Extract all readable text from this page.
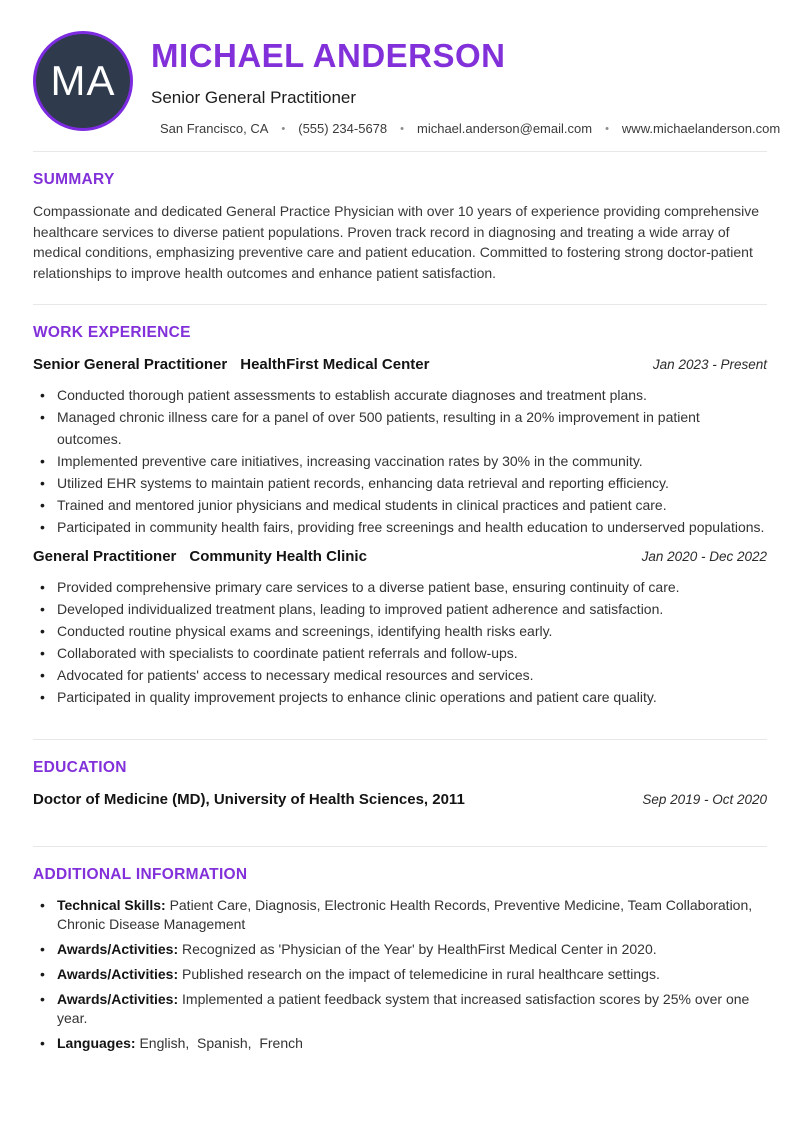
MA
MICHAEL ANDERSON
Senior General Practitioner
San Francisco, CA • (555) 234-5678 • michael.anderson@email.com • www.michaelanderson.com
SUMMARY

Compassionate and dedicated General Practice Physician with over 10 years of experience providing comprehensive healthcare services to diverse patient populations. Proven track record in diagnosing and treating a wide array of medical conditions, emphasizing preventive care and patient education. Committed to fostering strong doctor-patient relationships to improve health outcomes and enhance patient satisfaction.

WORK EXPERIENCE
Senior General Practitioner HealthFirst Medical Center	Jan 2023 - Present
• Conducted thorough patient assessments to establish accurate diagnoses and treatment plans.
• Managed chronic illness care for a panel of over 500 patients, resulting in a 20% improvement in patient outcomes.
• Implemented preventive care initiatives, increasing vaccination rates by 30% in the community.
• Utilized EHR systems to maintain patient records, enhancing data retrieval and reporting efficiency.
• Trained and mentored junior physicians and medical students in clinical practices and patient care.
• Participated in community health fairs, providing free screenings and health education to underserved populations.
General Practitioner Community Health Clinic	Jan 2020 - Dec 2022
• Provided comprehensive primary care services to a diverse patient base, ensuring continuity of care.
• Developed individualized treatment plans, leading to improved patient adherence and satisfaction.
• Conducted routine physical exams and screenings, identifying health risks early.
• Collaborated with specialists to coordinate patient referrals and follow-ups.
• Advocated for patients' access to necessary medical resources and services.
• Participated in quality improvement projects to enhance clinic operations and patient care quality.
EDUCATION
Doctor of Medicine (MD), University of Health Sciences, 2011	Sep 2019 - Oct 2020
ADDITIONAL INFORMATION
• Technical Skills: Patient Care, Diagnosis, Electronic Health Records, Preventive Medicine, Team Collaboration, Chronic Disease Management
• Awards/Activities: Recognized as 'Physician of the Year' by HealthFirst Medical Center in 2020.
• Awards/Activities: Published research on the impact of telemedicine in rural healthcare settings.
• Awards/Activities: Implemented a patient feedback system that increased satisfaction scores by 25% over one year.
• Languages: English,  Spanish,  French
